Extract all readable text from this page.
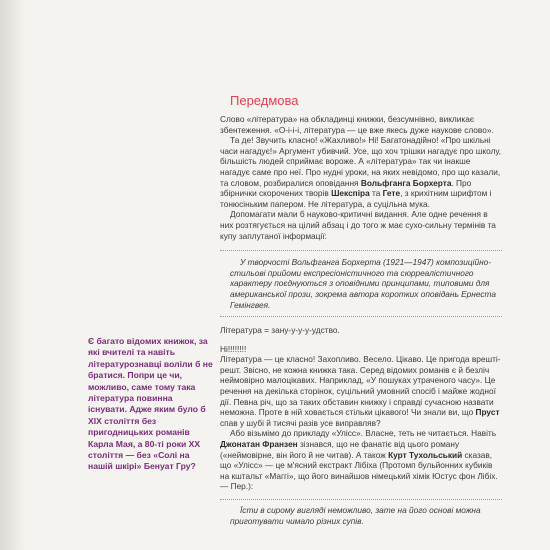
Передмова

Слово «література» на обкладинці книжки, безсумнівно, викликає збентеження. «О-і-і-і, література — це вже якесь дуже наукове слово».

Та де! Звучить класно! «Жахливо!» Ні! Багатонадійно! «Про шкільні часи нагадує!» Аргумент убивчий. Усе, що хоч трішки нагадує про школу, більшість людей сприймає вороже. А «література» так чи інакше нагадує саме про неї. Про нудні уроки, на яких невідомо, про що казали, та словом, розбиралися оповідання Вольфганга Борхерта. Про збірнички скорочених творів Шекспіра та Гете, з крихітним шрифтом і тонюсіньким папером. Не література, а суцільна мука.

Допомагати мали б науково-критичні видання. Але одне речення в них розтягується на цілий абзац і до того ж має сухо-сильну термінів та купу заплутаної інформації:

У творчості Вольфганга Борхерта (1921—1947) композиційно-стильові прийоми експресіоністичного та сюрреалістичного характеру поєднуються з оповідними принципами, типовими для американської прози, зокрема автора коротких оповідань Ернеста Гемінгвея.

Література = зану-у-у-у-удство.

Ні!!!!!!!!

Література — це класно! Захопливо. Весело. Цікаво. Це пригода врешті-решт. Звісно, не кожна книжка така. Серед відомих романів є й безліч неймовірно малоцікавих. Наприклад, «У пошуках утраченого часу». Це речення на декілька сторінок, суцільний умовний спосіб і майже жодної дії. Певна річ, що за таких обставин книжку і справді сучасною назвати неможна. Проте в ній ховається стільки цікавого! Чи знали ви, що Пруст спав у шубі й тисячі разів усе виправляв?

Або візьмімо до прикладу «Улісс». Власне, теть не читається. Навіть Джонатан Франзен зізнався, що не фанатіє від цього роману («неймовірне, він його й не читав). А також Курт Тухольський сказав, що «Улісс» — це м'ясний екстракт Лібіха (Протомп бульйонних кубиків на кштальт «Маггі», що його винайшов німецький хімік Юстус фон Лібіх. — Пер.):

Їсти в сирому вигляді неможливо, зате на його основі можна приготувати чимало різних супів.

Є багато відомих книжок, за які вчителі та навіть літературознавці воліли б не братися. Попри це чи, можливо, саме тому така література повинна існувати. Адже яким було б XIX століття без пригодницьких романів Карла Мая, а 80-ті роки XX століття — без «Солі на нашій шкірі» Бенуат Гру?
